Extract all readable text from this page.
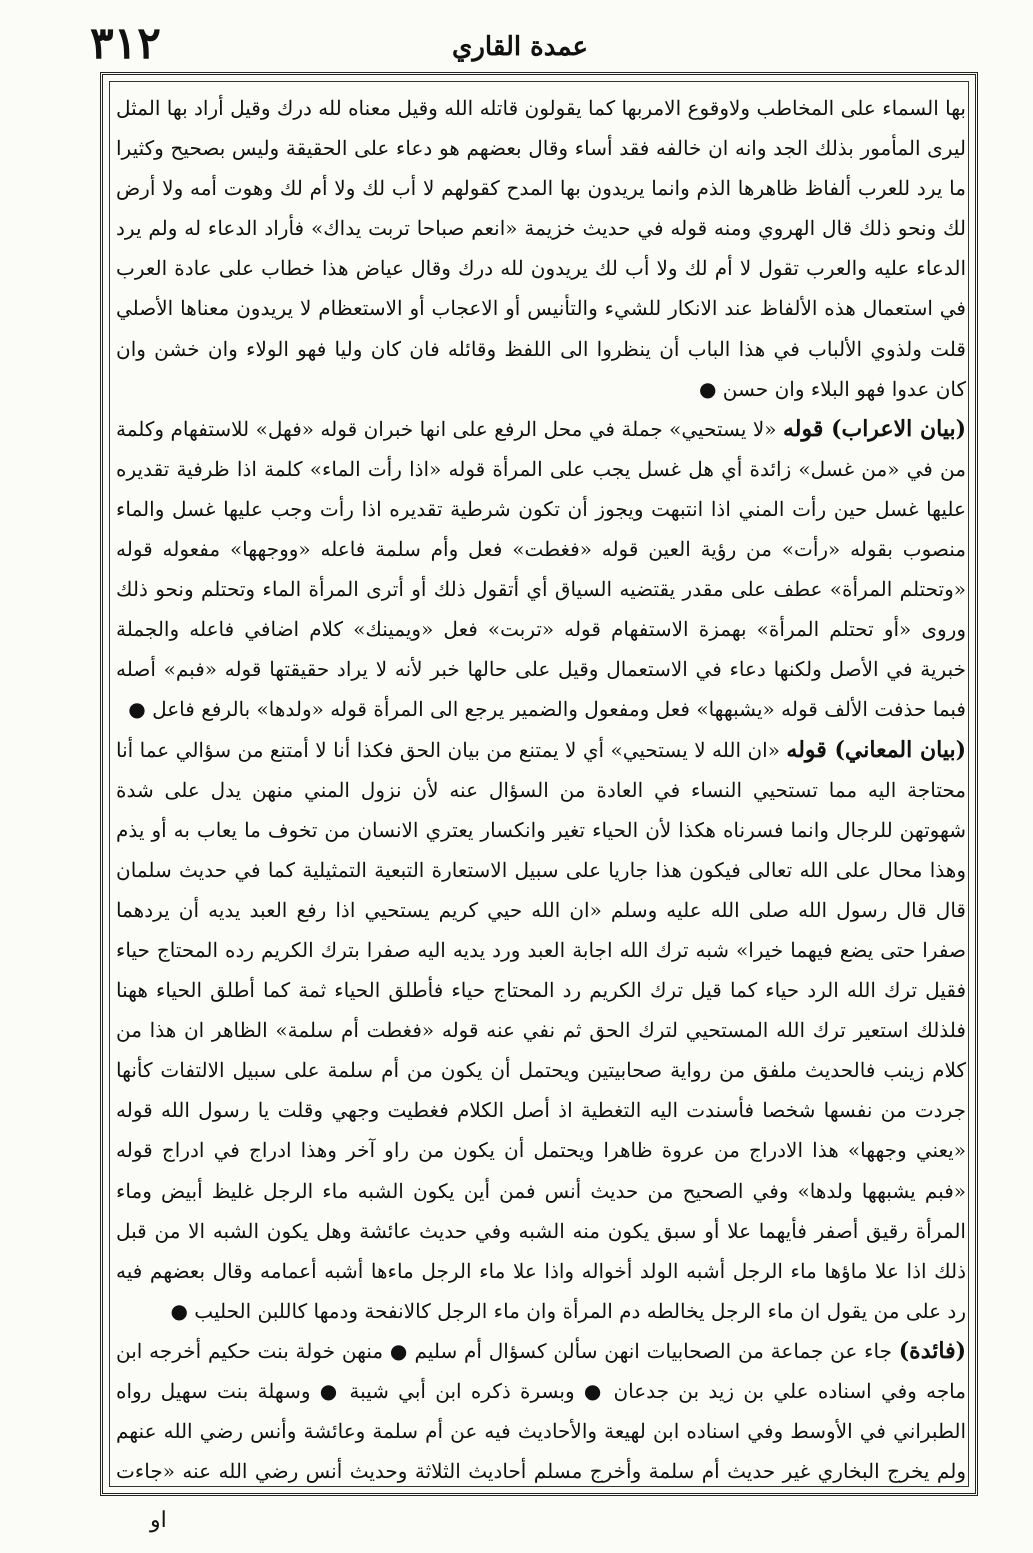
٣١٢	عمدة القاري

بها السماء على المخاطب ولاوقوع الامربها كما يقولون قاتله الله وقيل معناه لله درك وقيل أراد بها المثل ليرى المأمور بذلك الجد وانه ان خالفه فقد أساء وقال بعضهم هو دعاء على الحقيقة وليس بصحيح وكثيرا ما يرد للعرب ألفاظ ظاهرها الذم وانما يريدون بها المدح كقولهم لا أب لك ولا أم لك وهوت أمه ولا أرض لك ونحو ذلك قال الهروي ومنه قوله في حديث خزيمة «انعم صباحا تربت يداك» فأراد الدعاء له ولم يرد الدعاء عليه والعرب تقول لا أم لك ولا أب لك يريدون لله درك وقال عياض هذا خطاب على عادة العرب في استعمال هذه الألفاظ عند الانكار للشيء والتأنيس أو الاعجاب أو الاستعظام لا يريدون معناها الأصلي قلت ولذوي الألباب في هذا الباب أن ينظروا الى اللفظ وقائله فان كان وليا فهو الولاء وان خشن وان كان عدوا فهو البلاء وان حسن ●

(بيان الاعراب) قوله «لا يستحيي» جملة في محل الرفع على انها خبران قوله «فهل» للاستفهام وكلمة من في «من غسل» زائدة أي هل غسل يجب على المرأة قوله «اذا رأت الماء» كلمة اذا ظرفية تقديره عليها غسل حين رأت المني اذا انتبهت ويجوز أن تكون شرطية تقديره اذا رأت وجب عليها غسل والماء منصوب بقوله «رأت» من رؤية العين قوله «فغطت» فعل وأم سلمة فاعله «ووجهها» مفعوله قوله «وتحتلم المرأة» عطف على مقدر يقتضيه السياق أي أتقول ذلك أو أترى المرأة الماء وتحتلم ونحو ذلك وروى «أو تحتلم المرأة» بهمزة الاستفهام قوله «تربت» فعل «ويمينك» كلام اضافي فاعله والجملة خبرية في الأصل ولكنها دعاء في الاستعمال وقيل على حالها خبر لأنه لا يراد حقيقتها قوله «فبم» أصله فبما حذفت الألف قوله «يشبهها» فعل ومفعول والضمير يرجع الى المرأة قوله «ولدها» بالرفع فاعل ●

(بيان المعاني) قوله «ان الله لا يستحيي» أي لا يمتنع من بيان الحق فكذا أنا لا أمتنع من سؤالي عما أنا محتاجة اليه مما تستحيي النساء في العادة من السؤال عنه لأن نزول المني منهن يدل على شدة شهوتهن للرجال وانما فسرناه هكذا لأن الحياء تغير وانكسار يعتري الانسان من تخوف ما يعاب به أو يذم وهذا محال على الله تعالى فيكون هذا جاريا على سبيل الاستعارة التبعية التمثيلية كما في حديث سلمان قال قال رسول الله صلى الله عليه وسلم «ان الله حيي كريم يستحيي اذا رفع العبد يديه أن يردهما صفرا حتى يضع فيهما خيرا» شبه ترك الله اجابة العبد ورد يديه اليه صفرا بترك الكريم رده المحتاج حياء فقيل ترك الله الرد حياء كما قيل ترك الكريم رد المحتاج حياء فأطلق الحياء ثمة كما أطلق الحياء ههنا فلذلك استعير ترك الله المستحيي لترك الحق ثم نفي عنه قوله «فغطت أم سلمة» الظاهر ان هذا من كلام زينب فالحديث ملفق من رواية صحابيتين ويحتمل أن يكون من أم سلمة على سبيل الالتفات كأنها جردت من نفسها شخصا فأسندت اليه التغطية اذ أصل الكلام فغطيت وجهي وقلت يا رسول الله قوله «يعني وجهها» هذا الادراج من عروة ظاهرا ويحتمل أن يكون من راو آخر وهذا ادراج في ادراج قوله «فبم يشبهها ولدها» وفي الصحيح من حديث أنس فمن أين يكون الشبه ماء الرجل غليظ أبيض وماء المرأة رقيق أصفر فأيهما علا أو سبق يكون منه الشبه وفي حديث عائشة وهل يكون الشبه الا من قبل ذلك اذا علا ماؤها ماء الرجل أشبه الولد أخواله واذا علا ماء الرجل ماءها أشبه أعمامه وقال بعضهم فيه رد على من يقول ان ماء الرجل يخالطه دم المرأة وان ماء الرجل كالانفحة ودمها كاللبن الحليب ●

(فائدة) جاء عن جماعة من الصحابيات انهن سألن كسؤال أم سليم ● منهن خولة بنت حكيم أخرجه ابن ماجه وفي اسناده علي بن زيد بن جدعان ● وبسرة ذكره ابن أبي شيبة ● وسهلة بنت سهيل رواه الطبراني في الأوسط وفي اسناده ابن لهيعة والأحاديث فيه عن أم سلمة وعائشة وأنس رضي الله عنهم ولم يخرج البخاري غير حديث أم سلمة وأخرج مسلم أحاديث الثلاثة وحديث أنس رضي الله عنه «جاءت

او
